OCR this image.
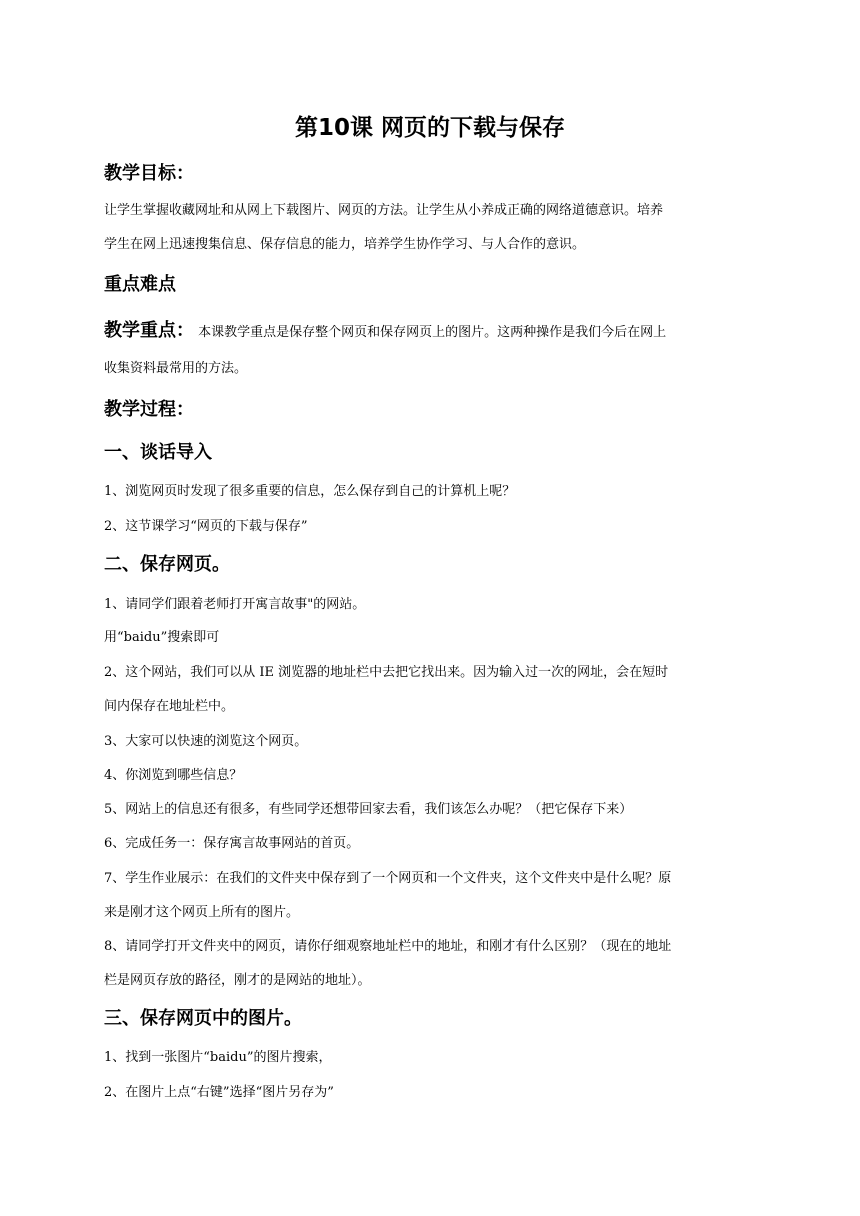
第10课 网页的下载与保存
教学目标：

让学生掌握收藏网址和从网上下载图片、网页的方法。让学生从小养成正确的网络道德意识。培养

学生在网上迅速搜集信息、保存信息的能力，培养学生协作学习、与人合作的意识。

重点难点

教学重点： 本课教学重点是保存整个网页和保存网页上的图片。这两种操作是我们今后在网上

收集资料最常用的方法。

教学过程：
一、谈话导入

1、浏览网页时发现了很多重要的信息，怎么保存到自己的计算机上呢？

2、这节课学习“网页的下载与保存”

二、保存网页。

1、请同学们跟着老师打开寓言故事"的网站。

用“baidu”搜索即可

2、这个网站，我们可以从 IE 浏览器的地址栏中去把它找出来。因为输入过一次的网址，会在短时

间内保存在地址栏中。

3、大家可以快速的浏览这个网页。

4、你浏览到哪些信息？

5、网站上的信息还有很多，有些同学还想带回家去看，我们该怎么办呢？（把它保存下来）

6、完成任务一：保存寓言故事网站的首页。

7、学生作业展示：在我们的文件夹中保存到了一个网页和一个文件夹，这个文件夹中是什么呢？原

来是刚才这个网页上所有的图片。

8、请同学打开文件夹中的网页，请你仔细观察地址栏中的地址，和刚才有什么区别？（现在的地址

栏是网页存放的路径，刚才的是网站的地址）。

三、保存网页中的图片。

1、找到一张图片“baidu”的图片搜索，

2、在图片上点“右键”选择“图片另存为”
